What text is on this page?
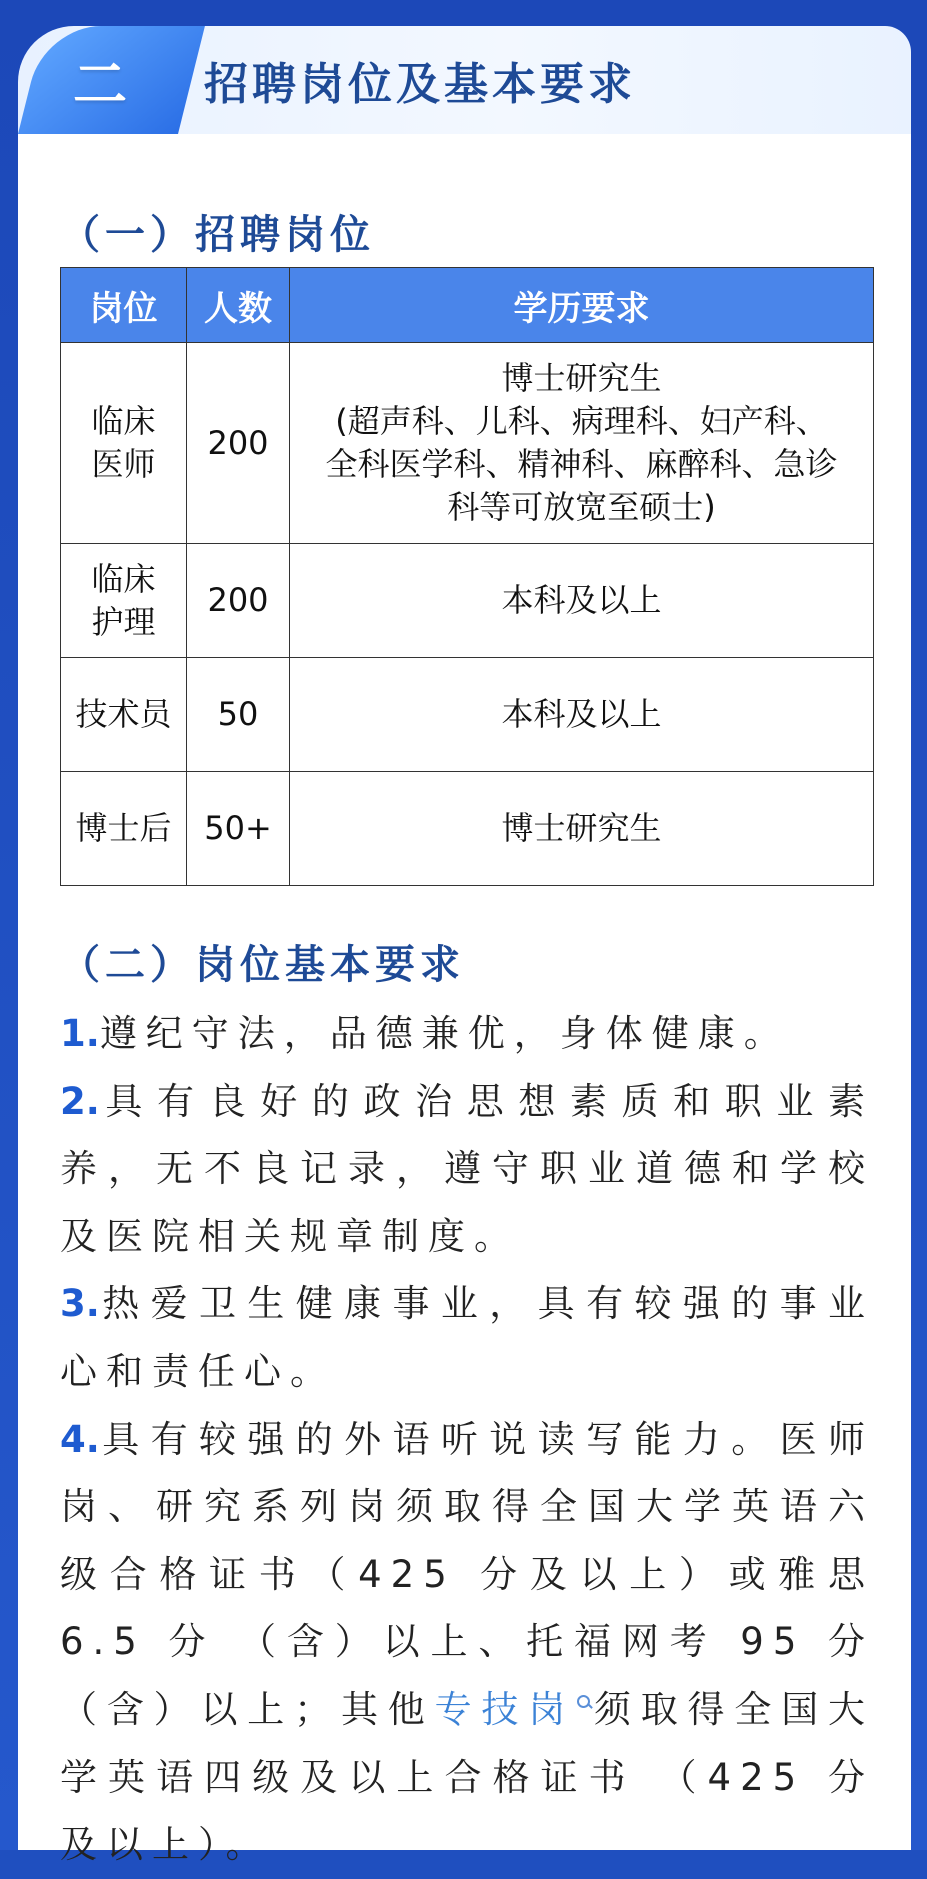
二 招聘岗位及基本要求
（一）招聘岗位
岗位	人数	学历要求

临床
医师	200	博士研究生
(超声科、儿科、病理科、妇产科、
全科医学科、精神科、麻醉科、急诊
科等可放宽至硕士)

临床
护理	200	本科及以上
技术员	50	本科及以上
博士后	50+	博士研究生
（二）岗位基本要求

1.遵纪守法，品德兼优，身体健康。

2.具有良好的政治思想素质和职业素养，无不良记录，遵守职业道德和学校及医院相关规章制度。

3.热爱卫生健康事业，具有较强的事业心和责任心。

4.具有较强的外语听说读写能力。医师岗、研究系列岗须取得全国大学英语六级合格证书（425 分及以上）或雅思 6.5 分 （含）以上、托福网考 95 分（含）以上；其他专技岗 须取得全国大学英语四级及以上合格证书 （425 分及以上）。
